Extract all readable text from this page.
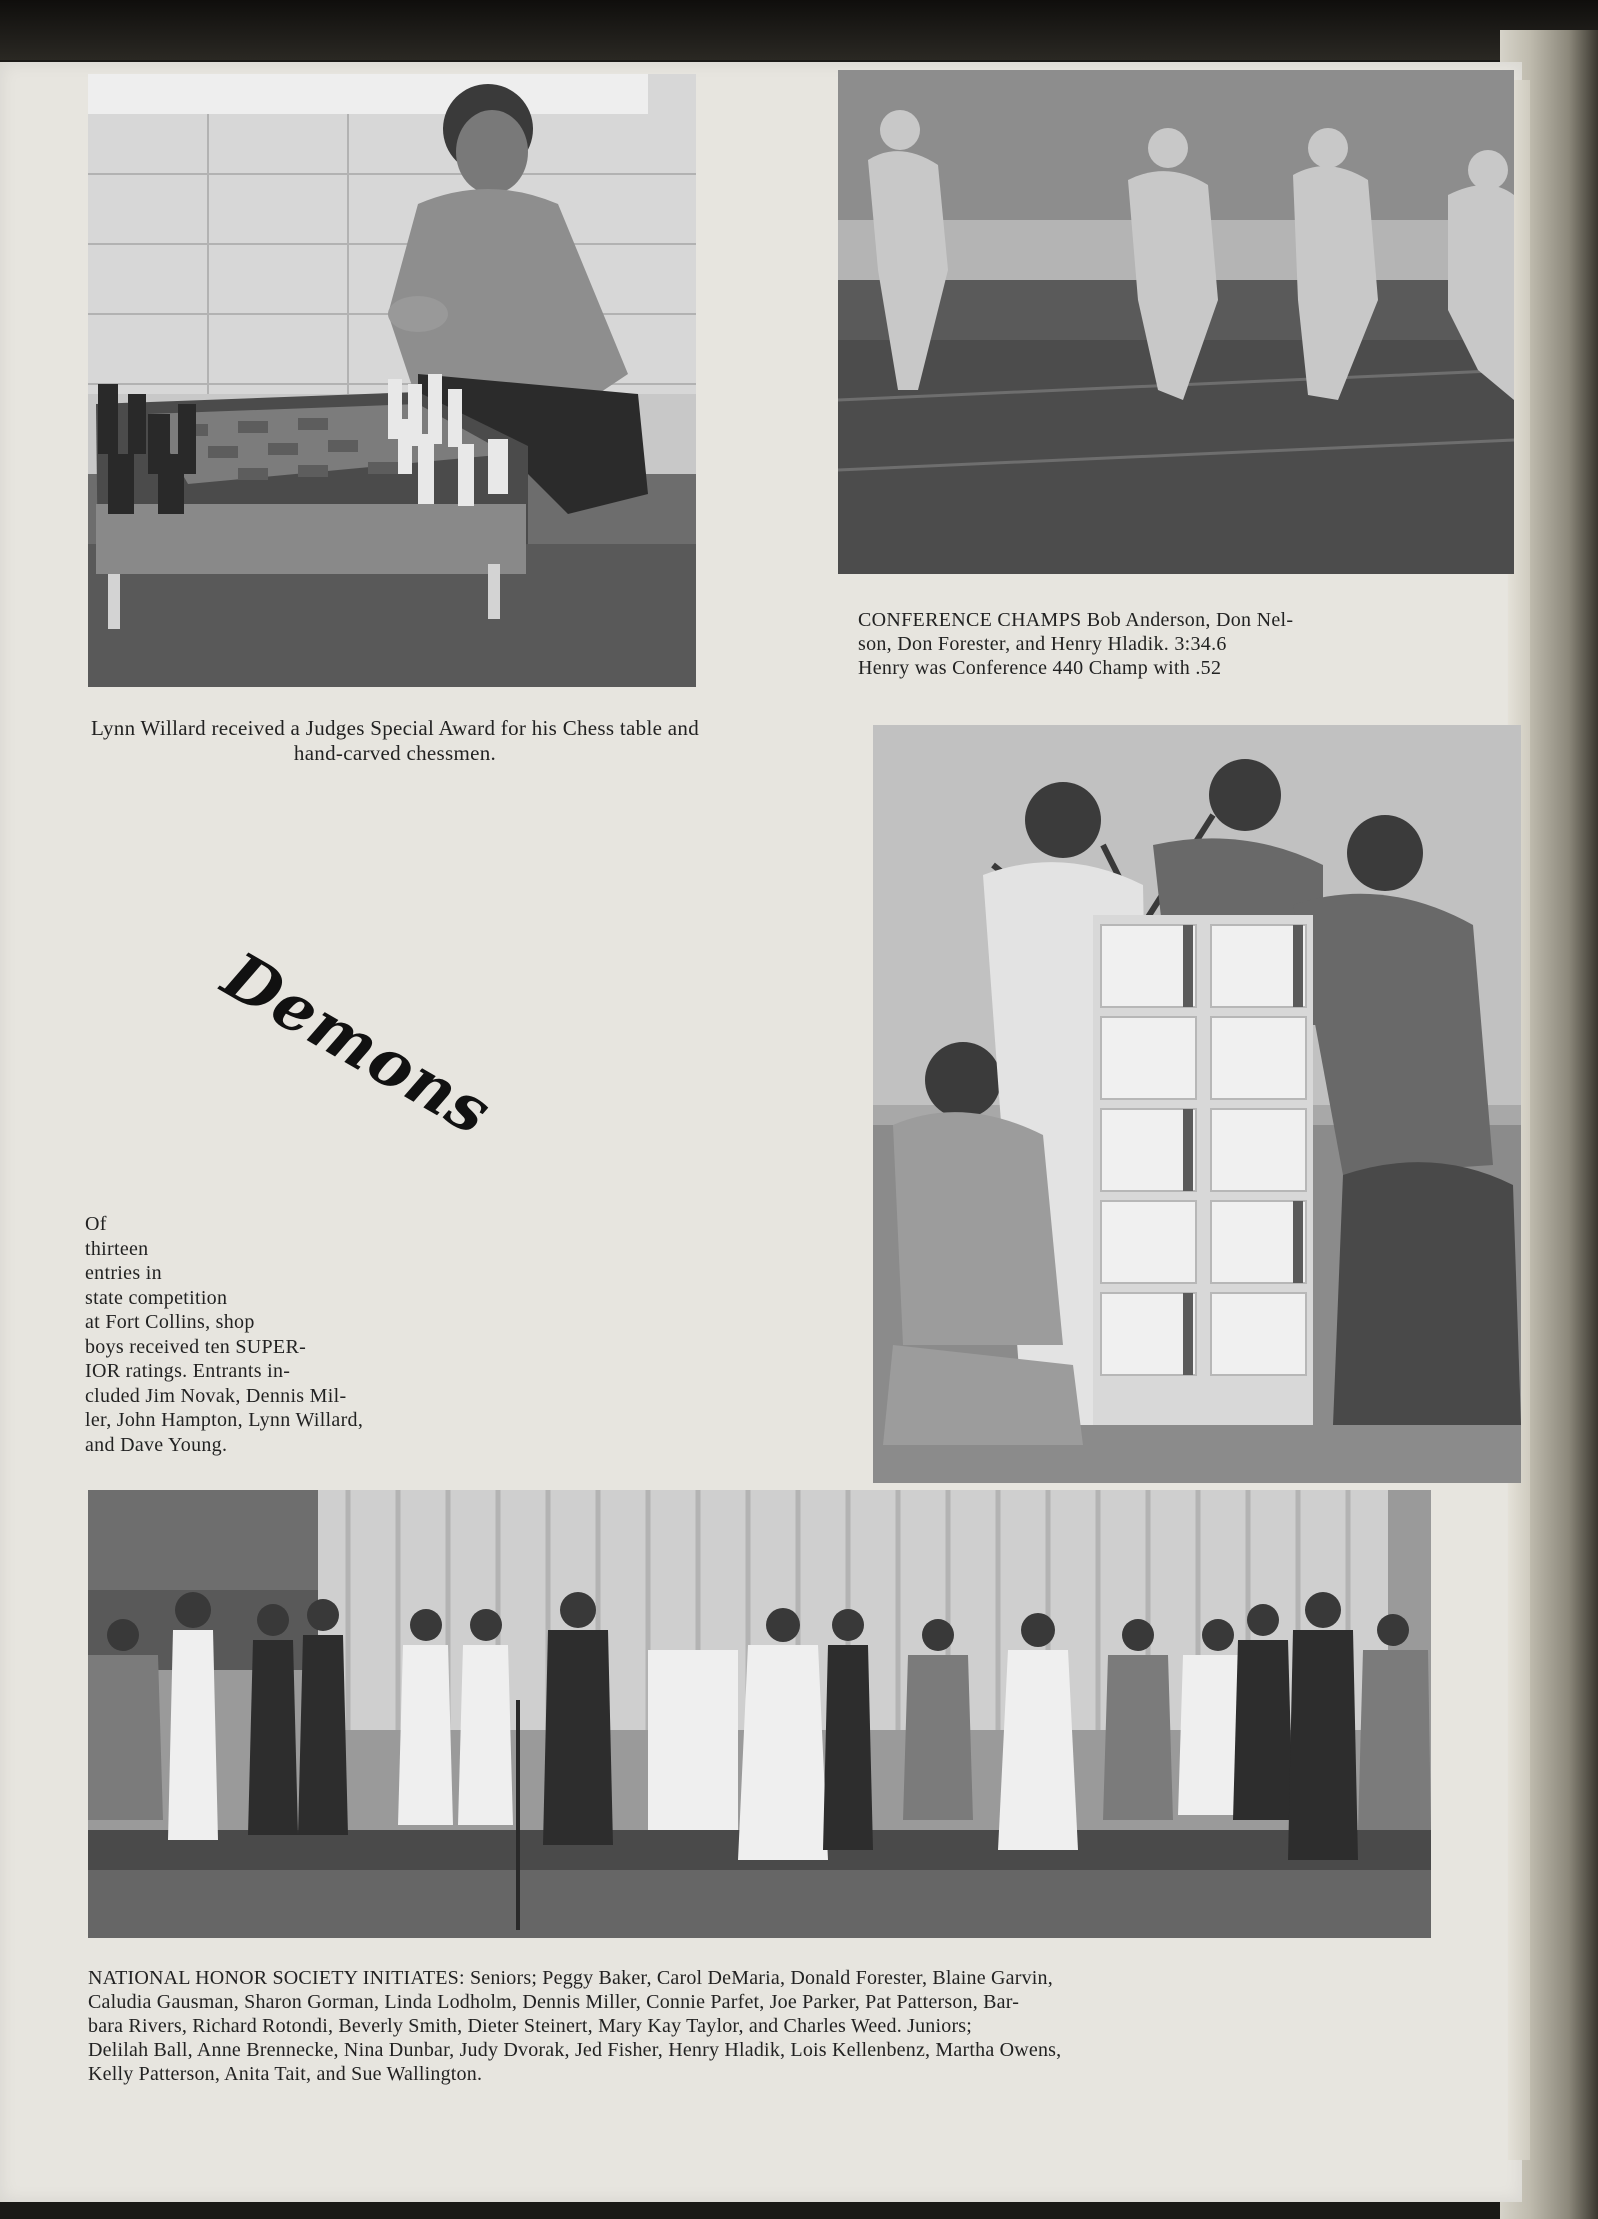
Lynn Willard received a Judges Special Award for his Chess table and hand-carved chessmen.

CONFERENCE CHAMPS Bob Anderson, Don Nel-
son, Don Forester, and Henry Hladik. 3:34.6
Henry was Conference 440 Champ with .52

Demons

Of
thirteen
entries in
state competition
at Fort Collins, shop
boys received ten SUPER-
IOR ratings. Entrants in-
cluded Jim Novak, Dennis Mil-
ler, John Hampton, Lynn Willard,
and Dave Young.

NATIONAL HONOR SOCIETY INITIATES: Seniors; Peggy Baker, Carol DeMaria, Donald Forester, Blaine Garvin,
Caludia Gausman, Sharon Gorman, Linda Lodholm, Dennis Miller, Connie Parfet, Joe Parker, Pat Patterson, Bar-
bara Rivers, Richard Rotondi, Beverly Smith, Dieter Steinert, Mary Kay Taylor, and Charles Weed. Juniors;
Delilah Ball, Anne Brennecke, Nina Dunbar, Judy Dvorak, Jed Fisher, Henry Hladik, Lois Kellenbenz, Martha Owens,
Kelly Patterson, Anita Tait, and Sue Wallington.
